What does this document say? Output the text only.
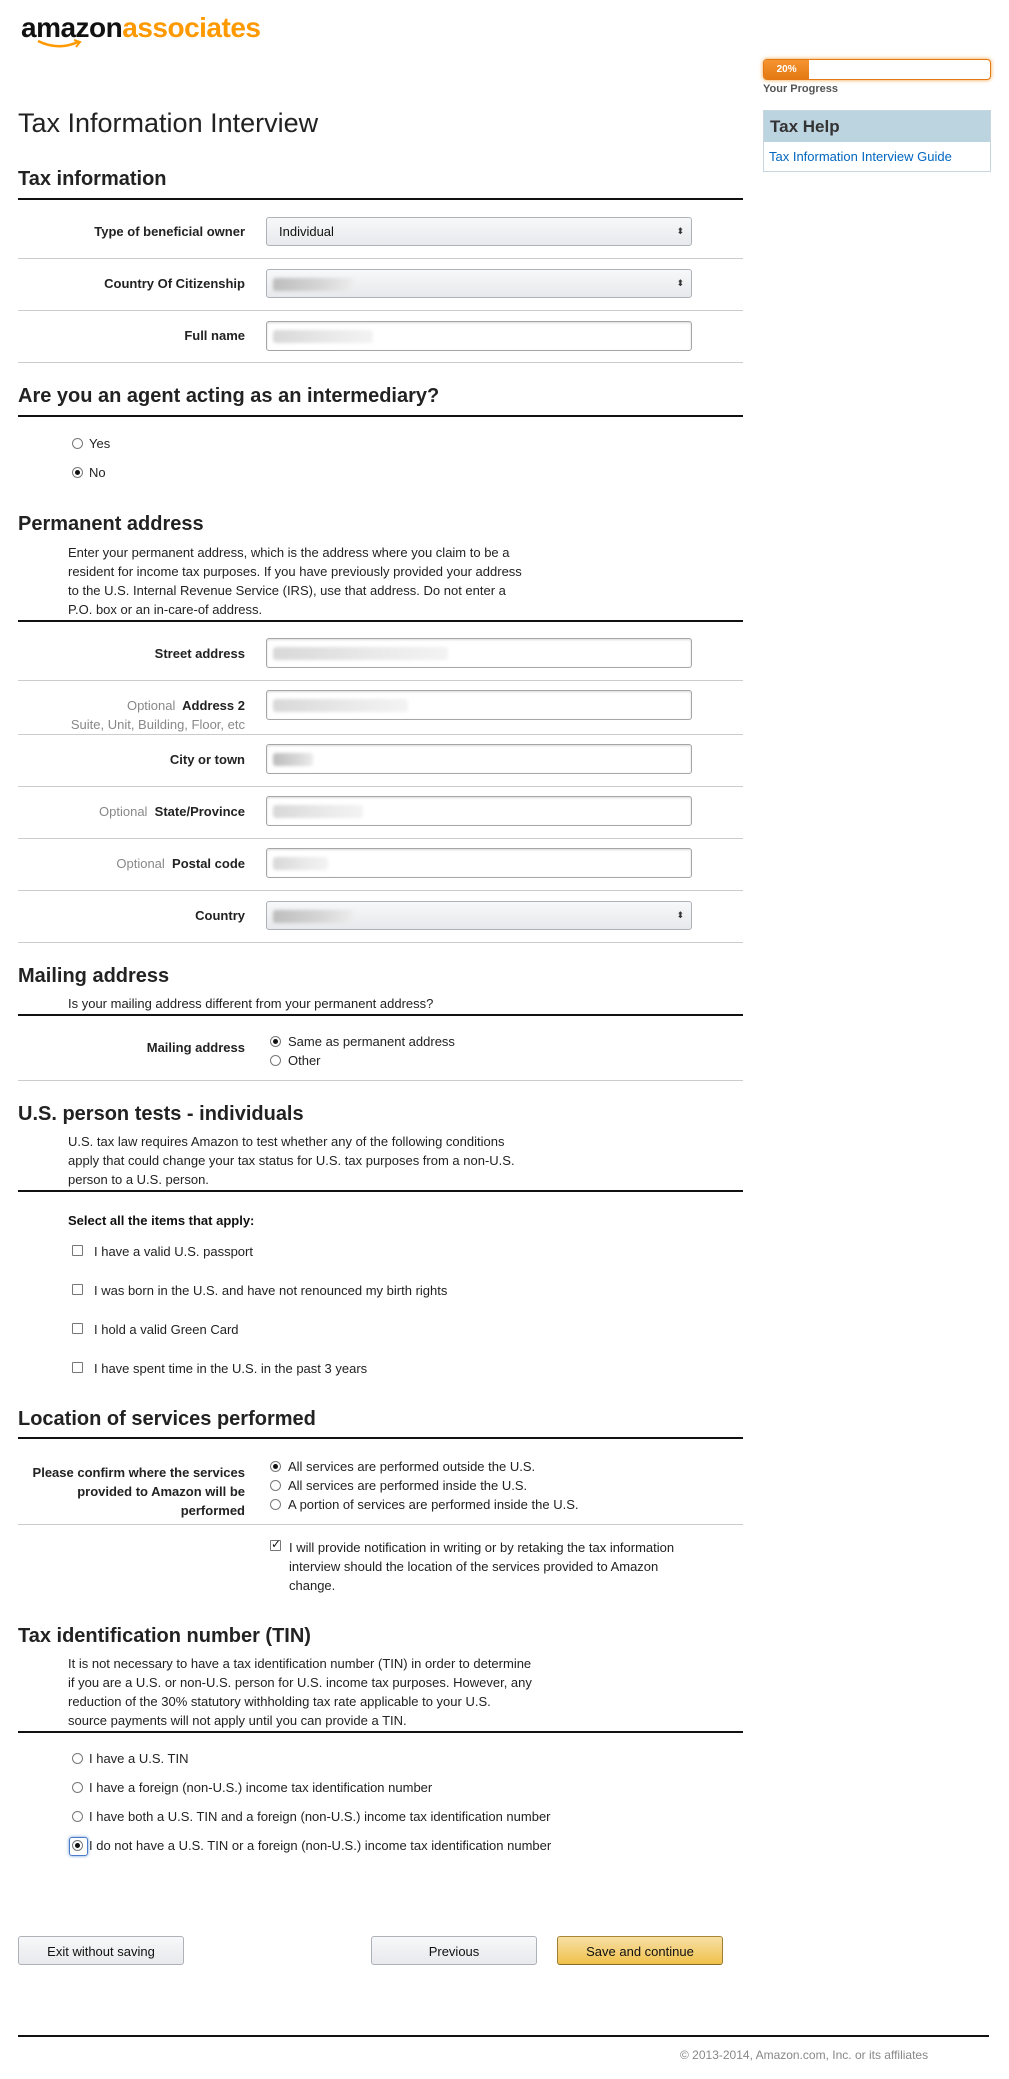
amazonassociates
20%
Your Progress
Tax Help
Tax Information Interview Guide
Tax Information Interview
Tax information
Type of beneficial owner	Individual	⬍
Country Of Citizenship	⬍
Full name
Are you an agent acting as an intermediary?
Yes
No
Permanent address
Enter your permanent address, which is the address where you claim to be a resident for income tax purposes. If you have previously provided your address to the U.S. Internal Revenue Service (IRS), use that address. Do not enter a P.O. box or an in-care-of address.
Street address
Optional Address 2
Suite, Unit, Building, Floor, etc
City or town
Optional State/Province
Optional Postal code
Country	⬍
Mailing address
Is your mailing address different from your permanent address?
Mailing address	Same as permanent address
Other
U.S. person tests - individuals
U.S. tax law requires Amazon to test whether any of the following conditions apply that could change your tax status for U.S. tax purposes from a non-U.S. person to a U.S. person.
Select all the items that apply:
I have a valid U.S. passport
I was born in the U.S. and have not renounced my birth rights
I hold a valid Green Card
I have spent time in the U.S. in the past 3 years
Location of services performed
Please confirm where the services provided to Amazon will be performed
All services are performed outside the U.S.
All services are performed inside the U.S.
A portion of services are performed inside the U.S.
✓
I will provide notification in writing or by retaking the tax information interview should the location of the services provided to Amazon change.
Tax identification number (TIN)
It is not necessary to have a tax identification number (TIN) in order to determine if you are a U.S. or non-U.S. person for U.S. income tax purposes. However, any reduction of the 30% statutory withholding tax rate applicable to your U.S. source payments will not apply until you can provide a TIN.
I have a U.S. TIN
I have a foreign (non-U.S.) income tax identification number
I have both a U.S. TIN and a foreign (non-U.S.) income tax identification number
I do not have a U.S. TIN or a foreign (non-U.S.) income tax identification number
Exit without saving	Previous	Save and continue
© 2013-2014, Amazon.com, Inc. or its affiliates
